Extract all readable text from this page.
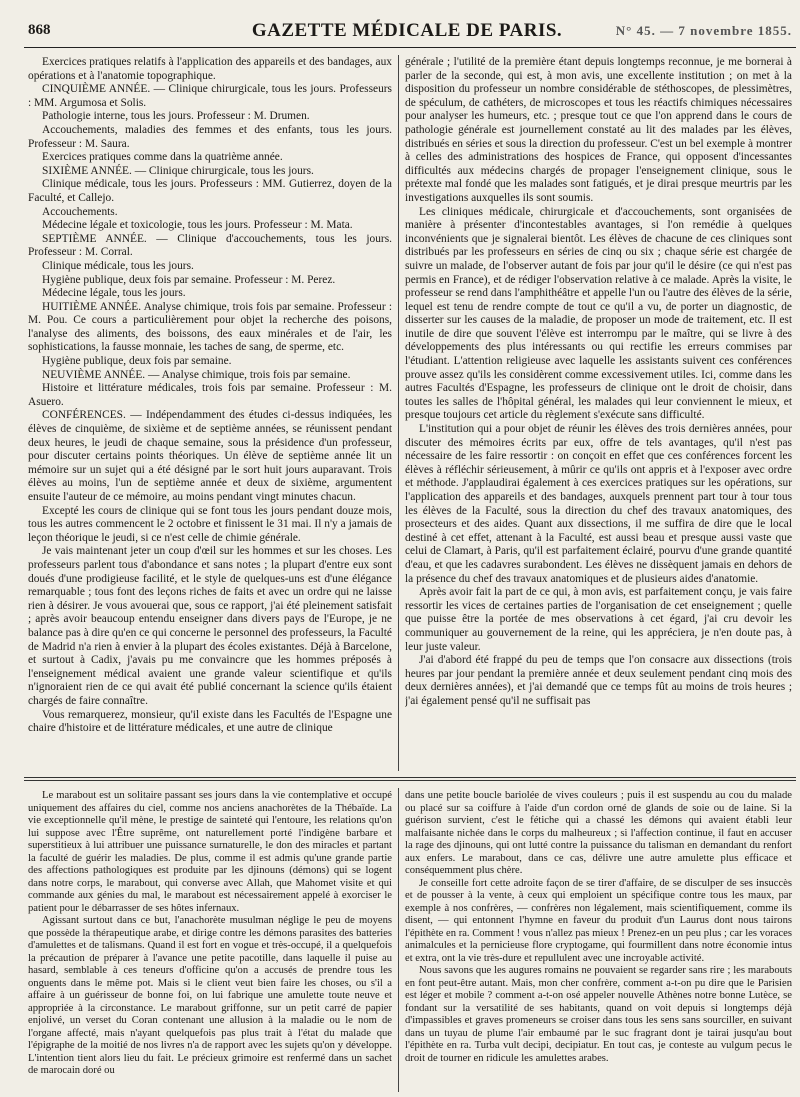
868	GAZETTE MÉDICALE DE PARIS.	N° 45. — 7 novembre 1855.

Exercices pratiques relatifs à l'application des appareils et des bandages, aux opérations et à l'anatomie topographique.

CINQUIÈME ANNÉE. — Clinique chirurgicale, tous les jours. Professeurs : MM. Argumosa et Solis.

Pathologie interne, tous les jours. Professeur : M. Drumen.

Accouchements, maladies des femmes et des enfants, tous les jours. Professeur : M. Saura.

Exercices pratiques comme dans la quatrième année.

SIXIÈME ANNÉE. — Clinique chirurgicale, tous les jours.

Clinique médicale, tous les jours. Professeurs : MM. Gutierrez, doyen de la Faculté, et Callejo.

Accouchements.

Médecine légale et toxicologie, tous les jours. Professeur : M. Mata.

SEPTIÈME ANNÉE. — Clinique d'accouchements, tous les jours. Professeur : M. Corral.

Clinique médicale, tous les jours.

Hygiène publique, deux fois par semaine. Professeur : M. Perez.

Médecine légale, tous les jours.

HUITIÈME ANNÉE. Analyse chimique, trois fois par semaine. Professeur : M. Pou. Ce cours a particulièrement pour objet la recherche des poisons, l'analyse des aliments, des boissons, des eaux minérales et de l'air, les sophistications, la fausse monnaie, les taches de sang, de sperme, etc.

Hygiène publique, deux fois par semaine.

NEUVIÈME ANNÉE. — Analyse chimique, trois fois par semaine.

Histoire et littérature médicales, trois fois par semaine. Professeur : M. Asuero.

CONFÉRENCES. — Indépendamment des études ci-dessus indiquées, les élèves de cinquième, de sixième et de septième années, se réunissent pendant deux heures, le jeudi de chaque semaine, sous la présidence d'un professeur, pour discuter certains points théoriques. Un élève de septième année lit un mémoire sur un sujet qui a été désigné par le sort huit jours auparavant. Trois élèves au moins, l'un de septième année et deux de sixième, argumentent ensuite l'auteur de ce mémoire, au moins pendant vingt minutes chacun.

Excepté les cours de clinique qui se font tous les jours pendant douze mois, tous les autres commencent le 2 octobre et finissent le 31 mai. Il n'y a jamais de leçon théorique le jeudi, si ce n'est celle de chimie générale.

Je vais maintenant jeter un coup d'œil sur les hommes et sur les choses. Les professeurs parlent tous d'abondance et sans notes ; la plupart d'entre eux sont doués d'une prodigieuse facilité, et le style de quelques-uns est d'une élégance remarquable ; tous font des leçons riches de faits et avec un ordre qui ne laisse rien à désirer. Je vous avouerai que, sous ce rapport, j'ai été pleinement satisfait ; après avoir beaucoup entendu enseigner dans divers pays de l'Europe, je ne balance pas à dire qu'en ce qui concerne le personnel des professeurs, la Faculté de Madrid n'a rien à envier à la plupart des écoles existantes. Déjà à Barcelone, et surtout à Cadix, j'avais pu me convaincre que les hommes préposés à l'enseignement médical avaient une grande valeur scientifique et qu'ils n'ignoraient rien de ce qui avait été publié concernant la science qu'ils étaient chargés de faire connaître.

Vous remarquerez, monsieur, qu'il existe dans les Facultés de l'Espagne une chaire d'histoire et de littérature médicales, et une autre de clinique

générale ; l'utilité de la première étant depuis longtemps reconnue, je me bornerai à parler de la seconde, qui est, à mon avis, une excellente institution ; on met à la disposition du professeur un nombre considérable de stéthoscopes, de plessimètres, de spéculum, de cathéters, de microscopes et tous les réactifs chimiques nécessaires pour analyser les humeurs, etc. ; presque tout ce que l'on apprend dans le cours de pathologie générale est journellement constaté au lit des malades par les élèves, distribués en séries et sous la direction du professeur. C'est un bel exemple à montrer à celles des administrations des hospices de France, qui opposent d'incessantes difficultés aux médecins chargés de propager l'enseignement clinique, sous le prétexte mal fondé que les malades sont fatigués, et je dirai presque meurtris par les investigations auxquelles ils sont soumis.

Les cliniques médicale, chirurgicale et d'accouchements, sont organisées de manière à présenter d'incontestables avantages, si l'on remédie à quelques inconvénients que je signalerai bientôt. Les élèves de chacune de ces cliniques sont distribués par les professeurs en séries de cinq ou six ; chaque série est chargée de suivre un malade, de l'observer autant de fois par jour qu'il le désire (ce qui n'est pas permis en France), et de rédiger l'observation relative à ce malade. Après la visite, le professeur se rend dans l'amphithéâtre et appelle l'un ou l'autre des élèves de la série, lequel est tenu de rendre compte de tout ce qu'il a vu, de porter un diagnostic, de disserter sur les causes de la maladie, de proposer un mode de traitement, etc. Il est inutile de dire que souvent l'élève est interrompu par le maître, qui se livre à des développements des plus intéressants ou qui rectifie les erreurs commises par l'étudiant. L'attention religieuse avec laquelle les assistants suivent ces conférences prouve assez qu'ils les considèrent comme excessivement utiles. Ici, comme dans les autres Facultés d'Espagne, les professeurs de clinique ont le droit de choisir, dans toutes les salles de l'hôpital général, les malades qui leur conviennent le mieux, et presque toujours cet article du règlement s'exécute sans difficulté.

L'institution qui a pour objet de réunir les élèves des trois dernières années, pour discuter des mémoires écrits par eux, offre de tels avantages, qu'il n'est pas nécessaire de les faire ressortir : on conçoit en effet que ces conférences forcent les élèves à réfléchir sérieusement, à mûrir ce qu'ils ont appris et à l'exposer avec ordre et méthode. J'applaudirai également à ces exercices pratiques sur les opérations, sur l'application des appareils et des bandages, auxquels prennent part tour à tour tous les élèves de la Faculté, sous la direction du chef des travaux anatomiques, des prosecteurs et des aides. Quant aux dissections, il me suffira de dire que le local destiné à cet effet, attenant à la Faculté, est aussi beau et presque aussi vaste que celui de Clamart, à Paris, qu'il est parfaitement éclairé, pourvu d'une grande quantité d'eau, et que les cadavres surabondent. Les élèves ne dissèquent jamais en dehors de la présence du chef des travaux anatomiques et de plusieurs aides d'anatomie.

Après avoir fait la part de ce qui, à mon avis, est parfaitement conçu, je vais faire ressortir les vices de certaines parties de l'organisation de cet enseignement ; quelle que puisse être la portée de mes observations à cet égard, j'ai cru devoir les communiquer au gouvernement de la reine, qui les appréciera, je n'en doute pas, à leur juste valeur.

J'ai d'abord été frappé du peu de temps que l'on consacre aux dissections (trois heures par jour pendant la première année et deux seulement pendant cinq mois des deux dernières années), et j'ai demandé que ce temps fût au moins de trois heures ; j'ai également pensé qu'il ne suffisait pas

Le marabout est un solitaire passant ses jours dans la vie contemplative et occupé uniquement des affaires du ciel, comme nos anciens anachorètes de la Thébaïde. La vie exceptionnelle qu'il mène, le prestige de sainteté qui l'entoure, les relations qu'on lui suppose avec l'Être suprême, ont naturellement porté l'indigène barbare et superstitieux à lui attribuer une puissance surnaturelle, le don des miracles et partant la faculté de guérir les maladies. De plus, comme il est admis qu'une grande partie des affections pathologiques est produite par les djinouns (démons) qui se logent dans notre corps, le marabout, qui converse avec Allah, que Mahomet visite et qui commande aux génies du mal, le marabout est nécessairement appelé à exorciser le patient pour le débarrasser de ses hôtes infernaux.

Agissant surtout dans ce but, l'anachorète musulman néglige le peu de moyens que possède la thérapeutique arabe, et dirige contre les démons parasites des batteries d'amulettes et de talismans. Quand il est fort en vogue et très-occupé, il a quelquefois la précaution de préparer à l'avance une petite pacotille, dans laquelle il puise au hasard, semblable à ces teneurs d'officine qu'on a accusés de prendre tous les onguents dans le même pot. Mais si le client veut bien faire les choses, ou s'il a affaire à un guérisseur de bonne foi, on lui fabrique une amulette toute neuve et appropriée à la circonstance. Le marabout griffonne, sur un petit carré de papier enjolivé, un verset du Coran contenant une allusion à la maladie ou le nom de l'organe affecté, mais n'ayant quelquefois pas plus trait à l'état du malade que l'épigraphe de la moitié de nos livres n'a de rapport avec les sujets qu'on y développe. L'intention tient alors lieu du fait. Le précieux grimoire est renfermé dans un sachet de marocain doré ou

dans une petite boucle bariolée de vives couleurs ; puis il est suspendu au cou du malade ou placé sur sa coiffure à l'aide d'un cordon orné de glands de soie ou de laine. Si la guérison survient, c'est le fétiche qui a chassé les démons qui avaient établi leur malfaisante nichée dans le corps du malheureux ; si l'affection continue, il faut en accuser la rage des djinouns, qui ont lutté contre la puissance du talisman en demandant du renfort aux enfers. Le marabout, dans ce cas, délivre une autre amulette plus efficace et conséquemment plus chère.

Je conseille fort cette adroite façon de se tirer d'affaire, de se disculper de ses insuccès et de pousser à la vente, à ceux qui emploient un spécifique contre tous les maux, par exemple à nos confrères, — confrères non légalement, mais scientifiquement, comme ils disent, — qui entonnent l'hymne en faveur du produit d'un Laurus dont nous tairons l'épithète en ra. Comment ! vous n'allez pas mieux ! Prenez-en un peu plus ; car les voraces animalcules et la pernicieuse flore cryptogame, qui fourmillent dans notre économie intus et extra, ont la vie très-dure et repullulent avec une incroyable activité.

Nous savons que les augures romains ne pouvaient se regarder sans rire ; les marabouts en font peut-être autant. Mais, mon cher confrère, comment a-t-on pu dire que le Parisien est léger et mobile ? comment a-t-on osé appeler nouvelle Athènes notre bonne Lutèce, se fondant sur la versatilité de ses habitants, quand on voit depuis si longtemps déjà d'impassibles et graves promeneurs se croiser dans tous les sens sans sourciller, en suivant dans un tuyau de plume l'air embaumé par le suc fragrant dont je tairai jusqu'au bout l'épithète en ra. Turba vult decipi, decipiatur. En tout cas, je conteste au vulgum pecus le droit de tourner en ridicule les amulettes arabes.
